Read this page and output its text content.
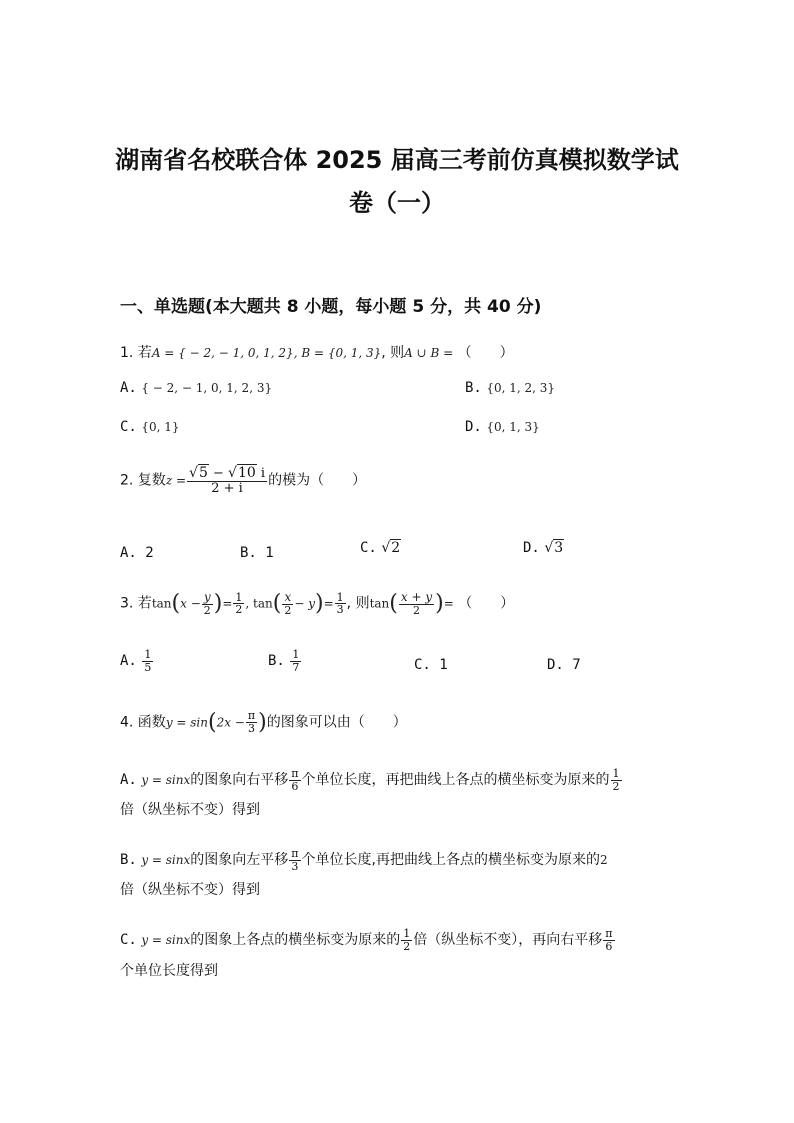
湖南省名校联合体 2025 届高三考前仿真模拟数学试
卷（一）
一、单选题(本大题共 8 小题，每小题 5 分，共 40 分)
1. 若A = { − 2, − 1, 0, 1, 2}, B = {0, 1, 3}, 则A ∪ B = （　　）
A. { − 2, − 1, 0, 1, 2, 3}	B. {0, 1, 2, 3}
C. {0, 1}	D. {0, 1, 3}
2. 复数$z = \frac{√5 - √10 i}{2 + i}$ 的模为（　　）
A. 2	B. 1	C. √2	D. √3
3. 若$\tan(x - \frac{y}{2}$ )= $\frac{1}{2}$ , $\tan( \frac{x}{2} - y)= \frac{1}{3}$ , 则$\tan( \frac{x + y}{2}$ )= （　　）
A. $\frac{1}{5}$	B. $\frac{1}{7}$	C. 1	D. 7
4. 函数$y = \sin(2x - \frac{\pi}{3}$ )的图象可以由（　　）
A. y = sinx的图象向右平移 $\frac{\pi}{6}$ 个单位长度，再把曲线上各点的横坐标变为原来的 $\frac{1}{2}$
倍（纵坐标不变）得到
B. y = sinx的图象向左平移 $\frac{\pi}{3}$ 个单位长度,再把曲线上各点的横坐标变为原来的2
倍（纵坐标不变）得到
C. y = sinx的图象上各点的横坐标变为原来的 $\frac{1}{2}$ 倍（纵坐标不变），再向右平移 $\frac{\pi}{6}$
个单位长度得到
